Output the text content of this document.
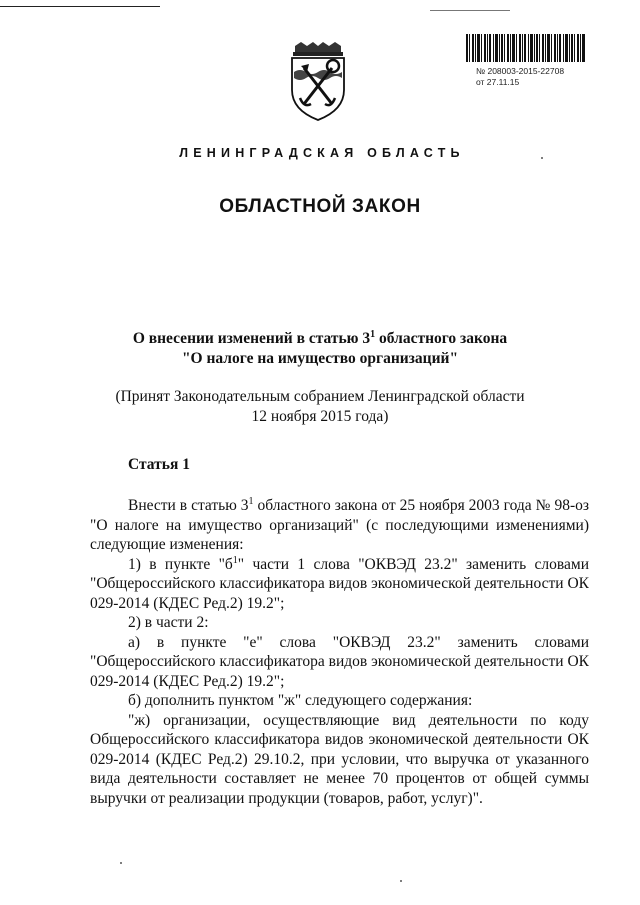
№ 208003-2015-22708
от 27.11.15
ЛЕНИНГРАДСКАЯ ОБЛАСТЬ
ОБЛАСТНОЙ ЗАКОН
О внесении изменений в статью $3^1$ областного закона
"О налоге на имущество организаций"
(Принят Законодательным собранием Ленинградской области
12 ноября 2015 года)
Статья 1

Внести в статью $3^1$ областного закона от 25 ноября 2003 года № 98-оз "О налоге на имущество организаций" (с последующими изменениями) следующие изменения:

1) в пункте "$б^1$" части 1 слова "ОКВЭД 23.2" заменить словами "Общероссийского классификатора видов экономической деятельности ОК 029-2014 (КДЕС Ред.2) 19.2";

2) в части 2:

а) в пункте "е" слова "ОКВЭД 23.2" заменить словами "Общероссийского классификатора видов экономической деятельности ОК 029-2014 (КДЕС Ред.2) 19.2";

б) дополнить пунктом "ж" следующего содержания:

"ж) организации, осуществляющие вид деятельности по коду Общероссийского классификатора видов экономической деятельности ОК 029-2014 (КДЕС Ред.2) 29.10.2, при условии, что выручка от указанного вида деятельности составляет не менее 70 процентов от общей суммы выручки от реализации продукции (товаров, работ, услуг)".
